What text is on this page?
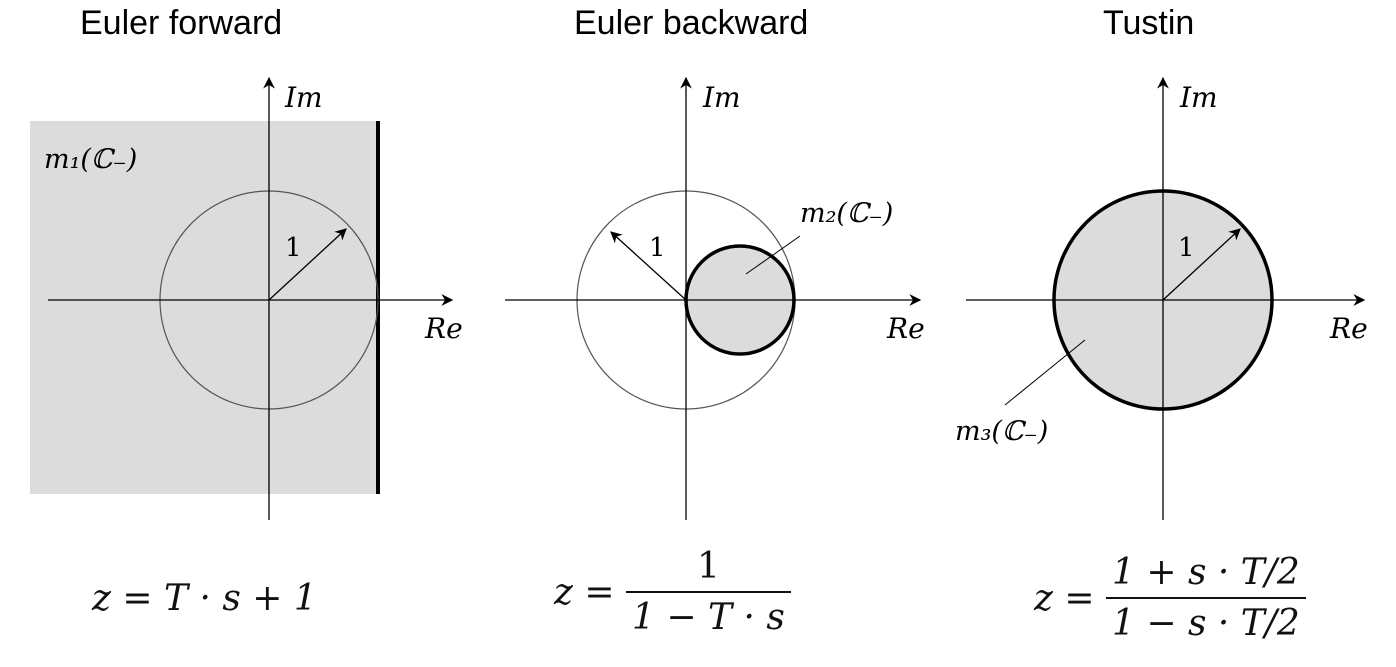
Euler forward	Euler backward	Tustin
Im
Re
1
m₁(ℂ₋)
Im
Re
1
m₂(ℂ₋)
Im
Re
1
m₃(ℂ₋)
z = T · s + 1	$z = \frac{1}{1 - T \cdot s}$	$z = \frac{1 + s \cdot T/2}{1 - s \cdot T/2}$
